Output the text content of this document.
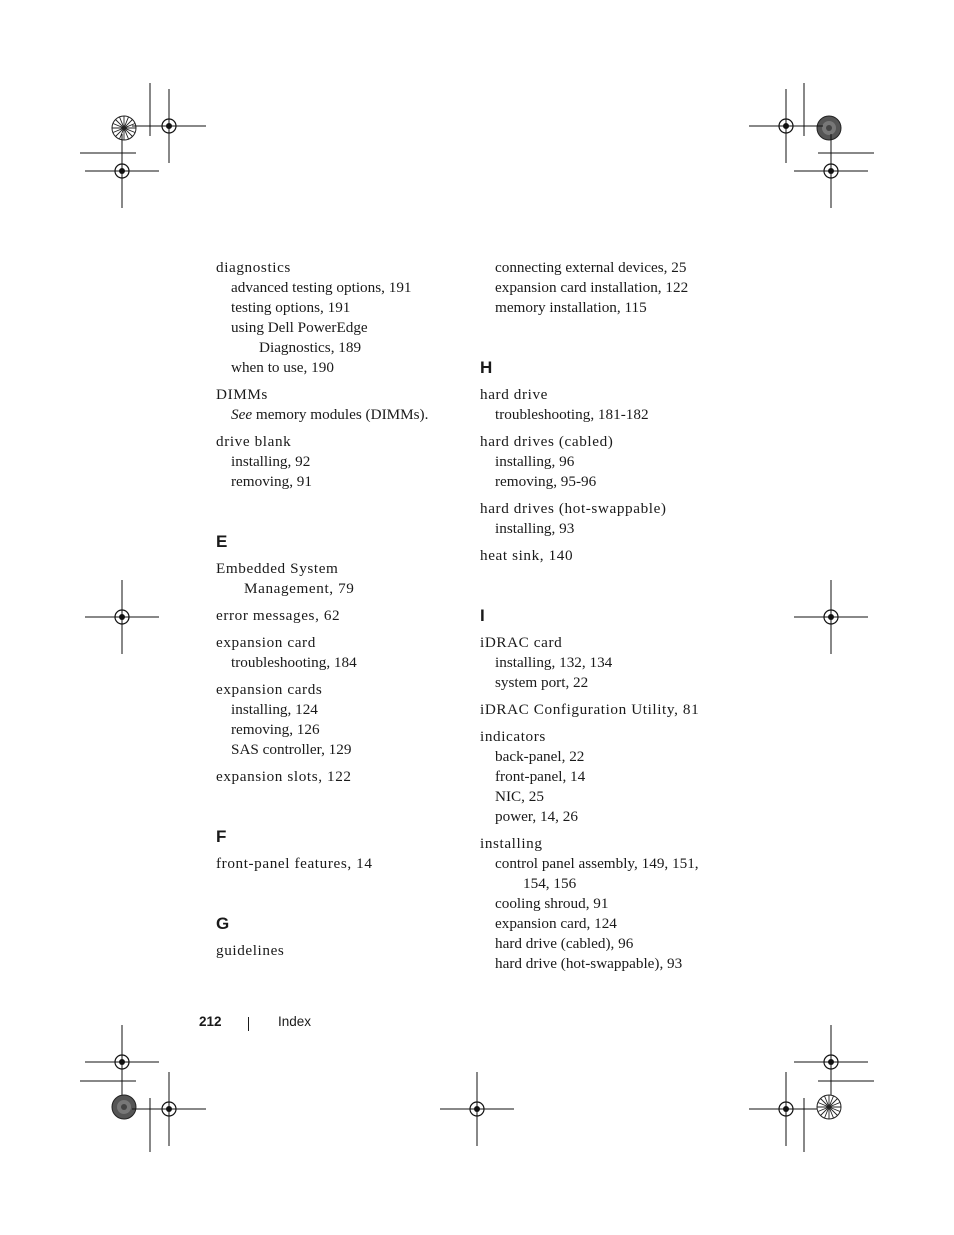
diagnostics
advanced testing options, 191
testing options, 191
using Dell PowerEdge
Diagnostics, 189
when to use, 190
DIMMs
See memory modules (DIMMs).
drive blank
installing, 92
removing, 91
E
Embedded System
Management, 79
error messages, 62
expansion card
troubleshooting, 184
expansion cards
installing, 124
removing, 126
SAS controller, 129
expansion slots, 122
F
front-panel features, 14
G
guidelines
connecting external devices, 25
expansion card installation, 122
memory installation, 115
H
hard drive
troubleshooting, 181-182
hard drives (cabled)
installing, 96
removing, 95-96
hard drives (hot-swappable)
installing, 93
heat sink, 140
I
iDRAC card
installing, 132, 134
system port, 22
iDRAC Configuration Utility, 81
indicators
back-panel, 22
front-panel, 14
NIC, 25
power, 14, 26
installing
control panel assembly, 149, 151,
154, 156
cooling shroud, 91
expansion card, 124
hard drive (cabled), 96
hard drive (hot-swappable), 93
212	Index
